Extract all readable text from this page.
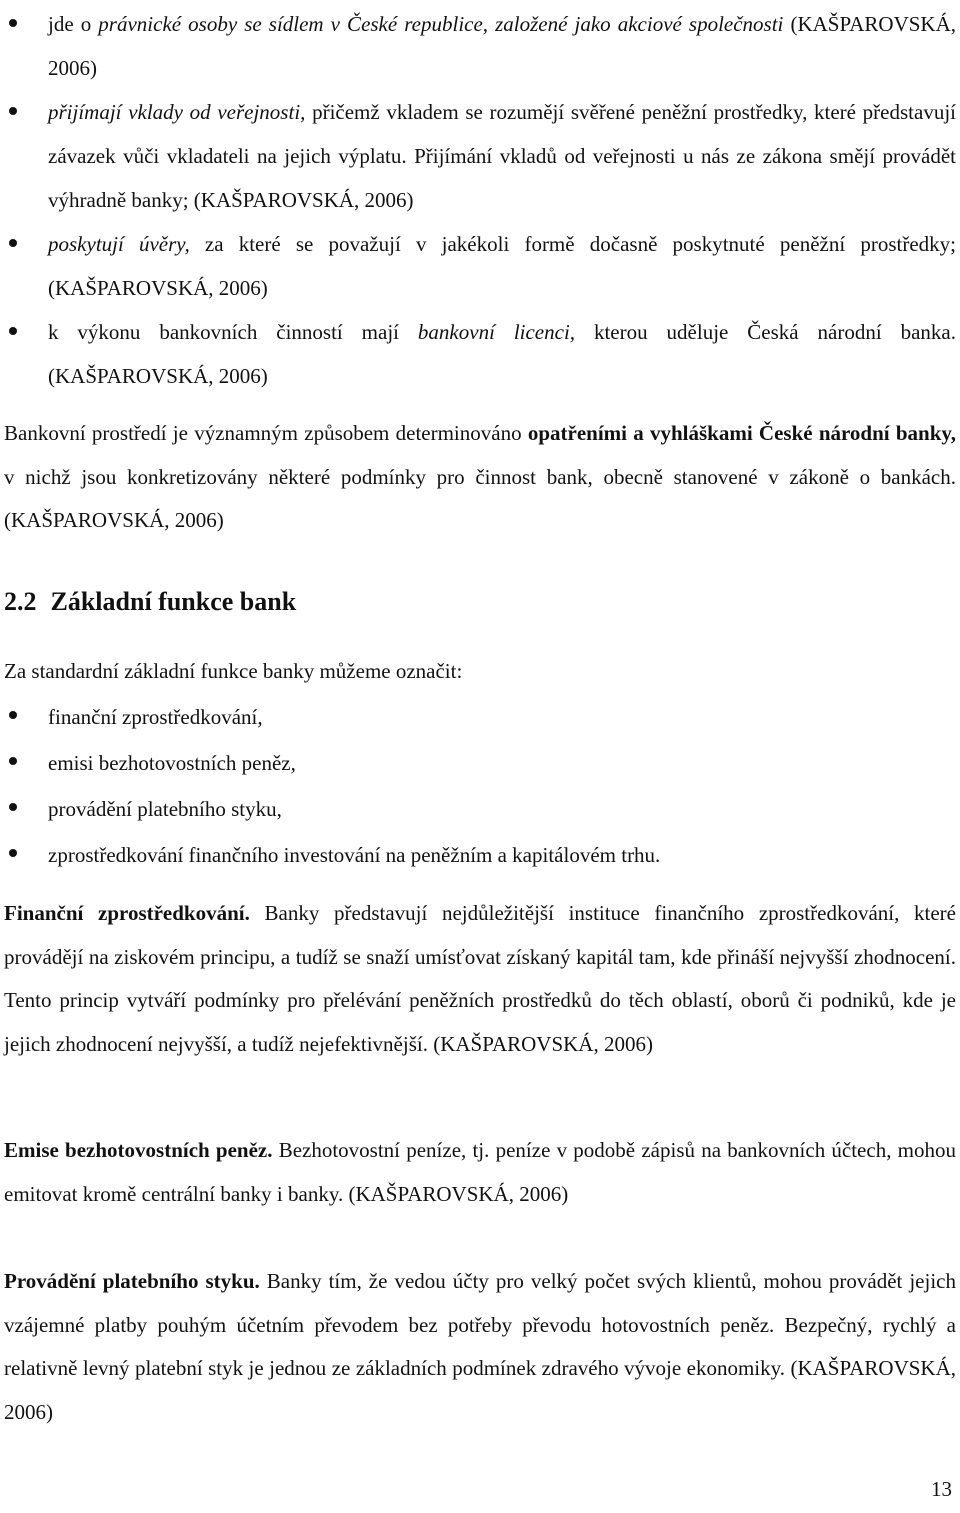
jde o právnické osoby se sídlem v České republice, založené jako akciové společnosti (KAŠPAROVSKÁ, 2006)
přijímají vklady od veřejnosti, přičemž vkladem se rozumějí svěřené peněžní prostředky, které představují závazek vůči vkladateli na jejich výplatu. Přijímání vkladů od veřejnosti u nás ze zákona smějí provádět výhradně banky; (KAŠPAROVSKÁ, 2006)
poskytují úvěry, za které se považují v jakékoli formě dočasně poskytnuté peněžní prostředky; (KAŠPAROVSKÁ, 2006)
k výkonu bankovních činností mají bankovní licenci, kterou uděluje Česká národní banka. (KAŠPAROVSKÁ, 2006)

Bankovní prostředí je významným způsobem determinováno opatřeními a vyhláškami České národní banky, v nichž jsou konkretizovány některé podmínky pro činnost bank, obecně stanovené v zákoně o bankách. (KAŠPAROVSKÁ, 2006)

2.2 Základní funkce bank

Za standardní základní funkce banky můžeme označit:

finanční zprostředkování,
emisi bezhotovostních peněz,
provádění platebního styku,
zprostředkování finančního investování na peněžním a kapitálovém trhu.

Finanční zprostředkování. Banky představují nejdůležitější instituce finančního zprostředkování, které provádějí na ziskovém principu, a tudíž se snaží umísťovat získaný kapitál tam, kde přináší nejvyšší zhodnocení. Tento princip vytváří podmínky pro přelévání peněžních prostředků do těch oblastí, oborů či podniků, kde je jejich zhodnocení nejvyšší, a tudíž nejefektivnější. (KAŠPAROVSKÁ, 2006)

Emise bezhotovostních peněz. Bezhotovostní peníze, tj. peníze v podobě zápisů na bankovních účtech, mohou emitovat kromě centrální banky i banky. (KAŠPAROVSKÁ, 2006)

Provádění platebního styku. Banky tím, že vedou účty pro velký počet svých klientů, mohou provádět jejich vzájemné platby pouhým účetním převodem bez potřeby převodu hotovostních peněz. Bezpečný, rychlý a relativně levný platební styk je jednou ze základních podmínek zdravého vývoje ekonomiky. (KAŠPAROVSKÁ, 2006)

13
